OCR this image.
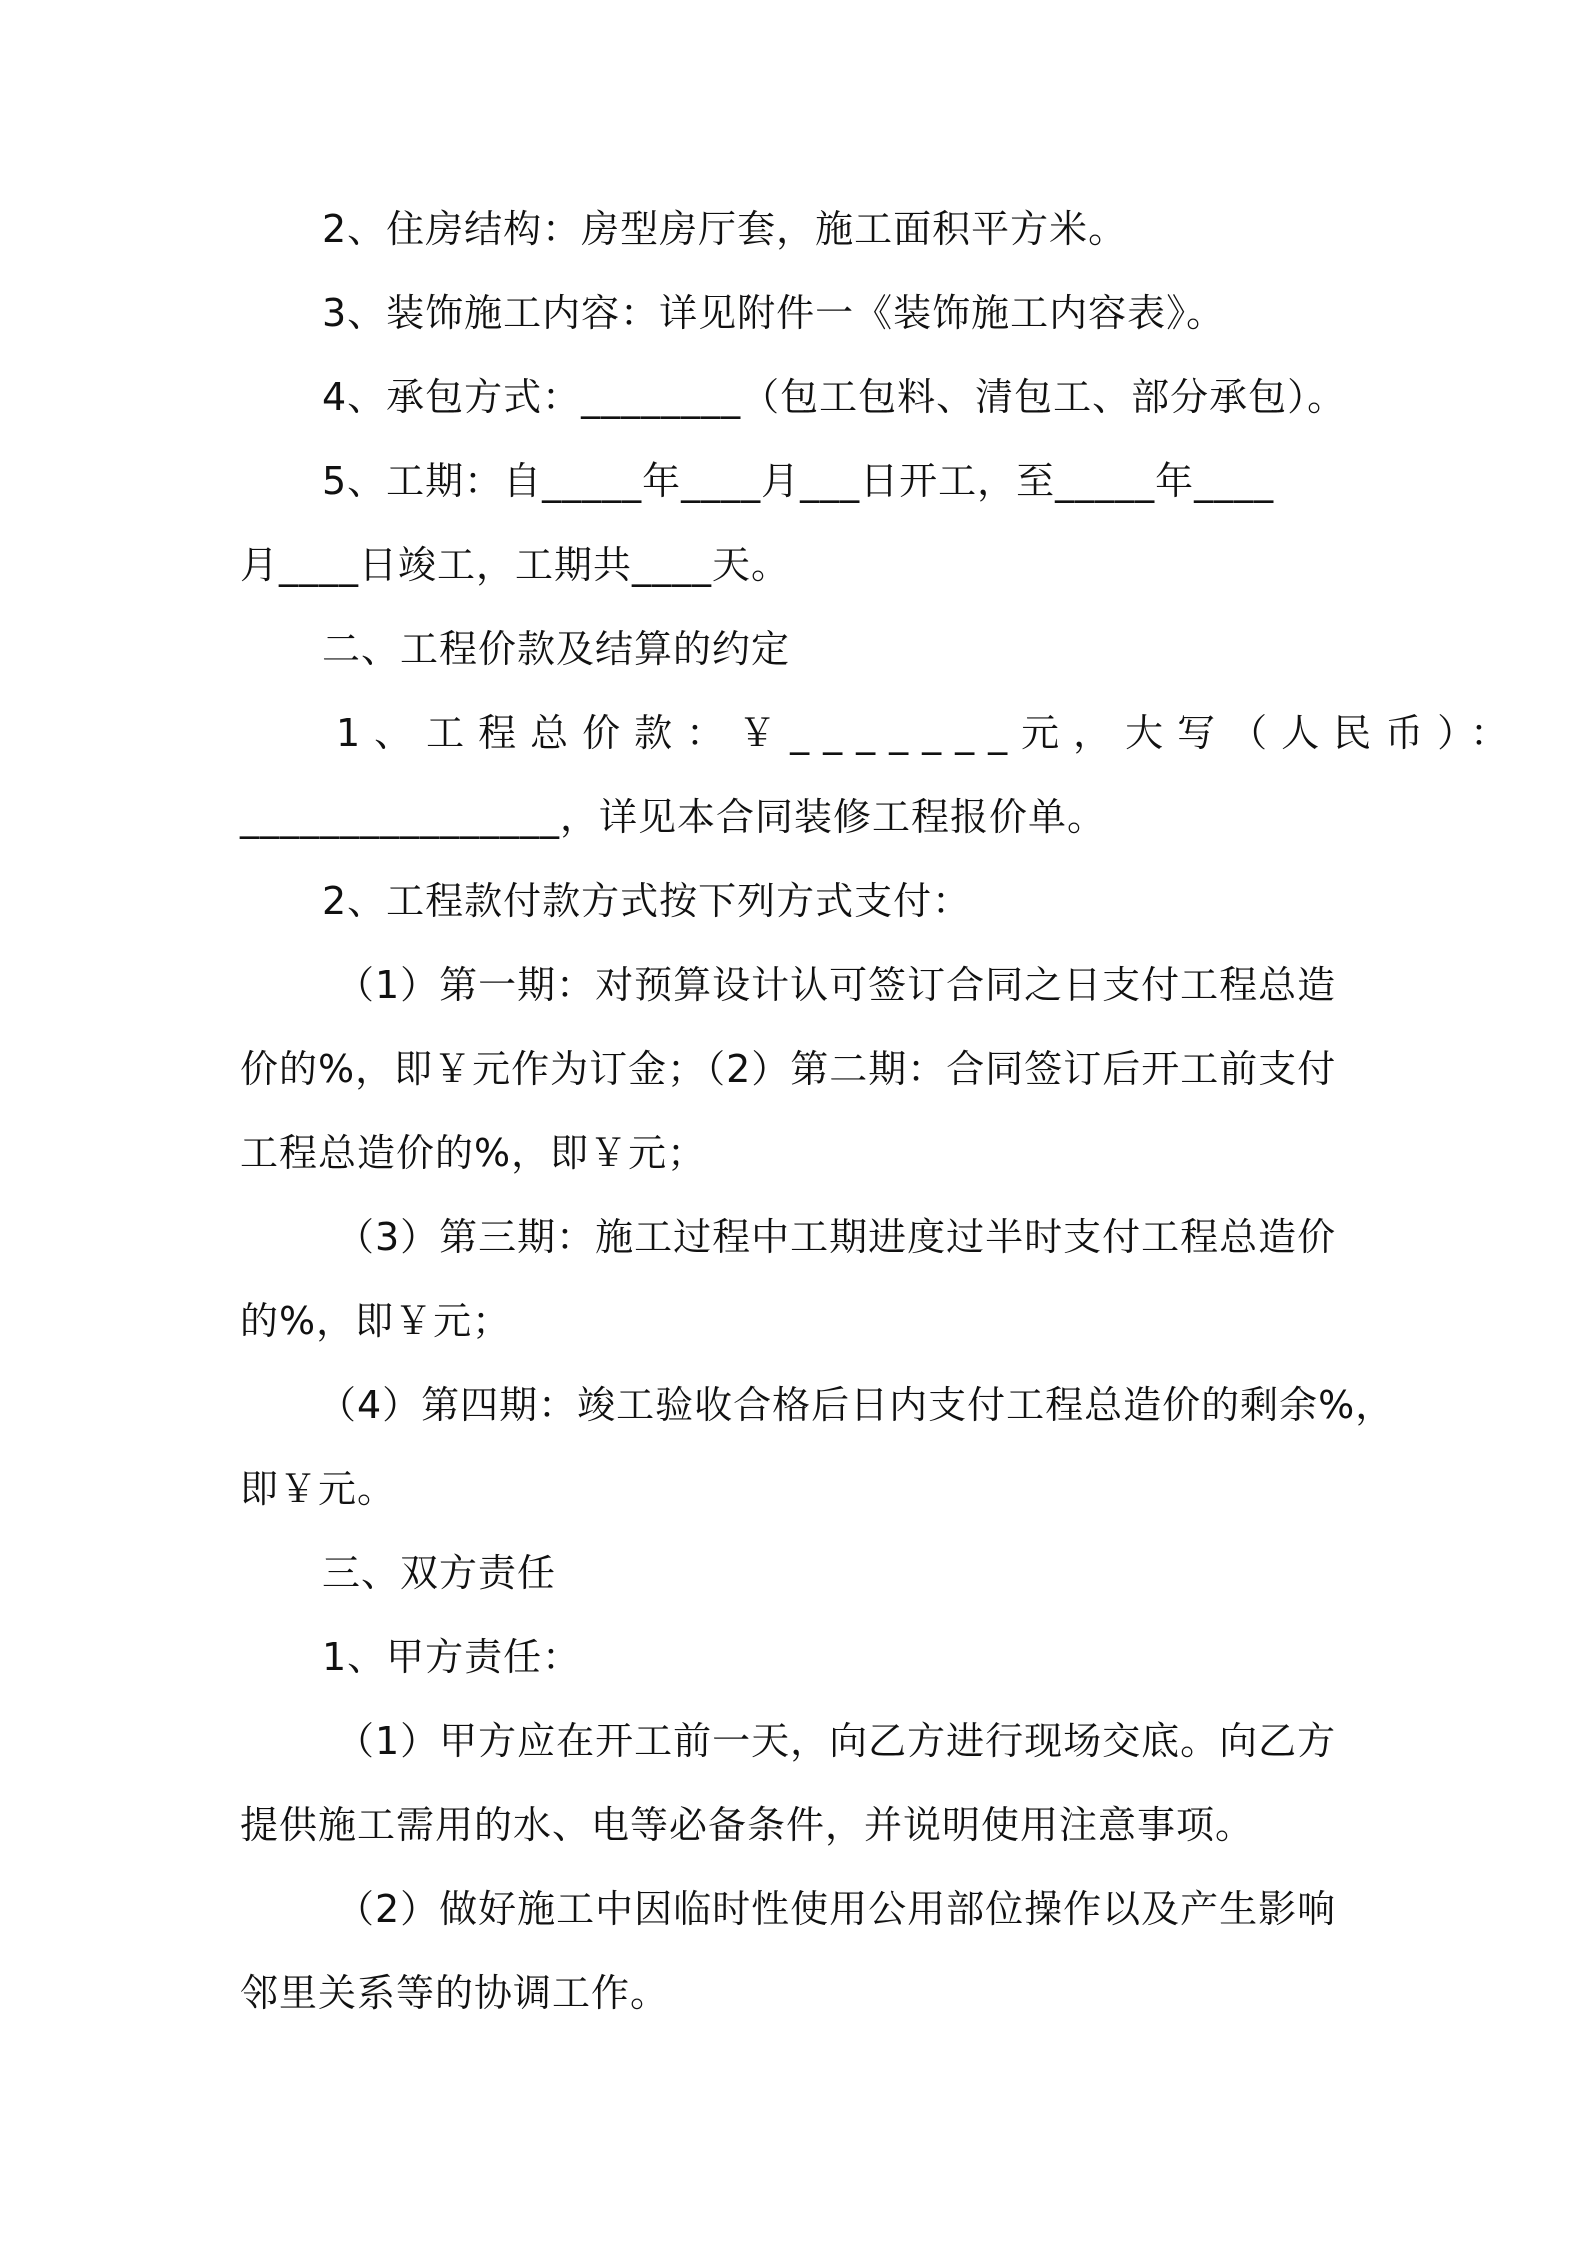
2、住房结构：房型房厅套，施工面积平方米。
3、装饰施工内容：详见附件一《装饰施工内容表》。
4、承包方式：________（包工包料、清包工、部分承包）。
5、工期：自_____年____月___日开工，至_____年____
月____日竣工，工期共____天。
二、工程价款及结算的约定
1、工程总价款：￥_______元，大写（人民币）：
________________，详见本合同装修工程报价单。
2、工程款付款方式按下列方式支付：
（1）第一期：对预算设计认可签订合同之日支付工程总造
价的%，即￥元作为订金；（2）第二期：合同签订后开工前支付
工程总造价的%，即￥元；
（3）第三期：施工过程中工期进度过半时支付工程总造价
的%，即￥元；
（4）第四期：竣工验收合格后日内支付工程总造价的剩余%，
即￥元。
三、双方责任
1、甲方责任：
（1）甲方应在开工前一天，向乙方进行现场交底。向乙方
提供施工需用的水、电等必备条件，并说明使用注意事项。
（2）做好施工中因临时性使用公用部位操作以及产生影响
邻里关系等的协调工作。
